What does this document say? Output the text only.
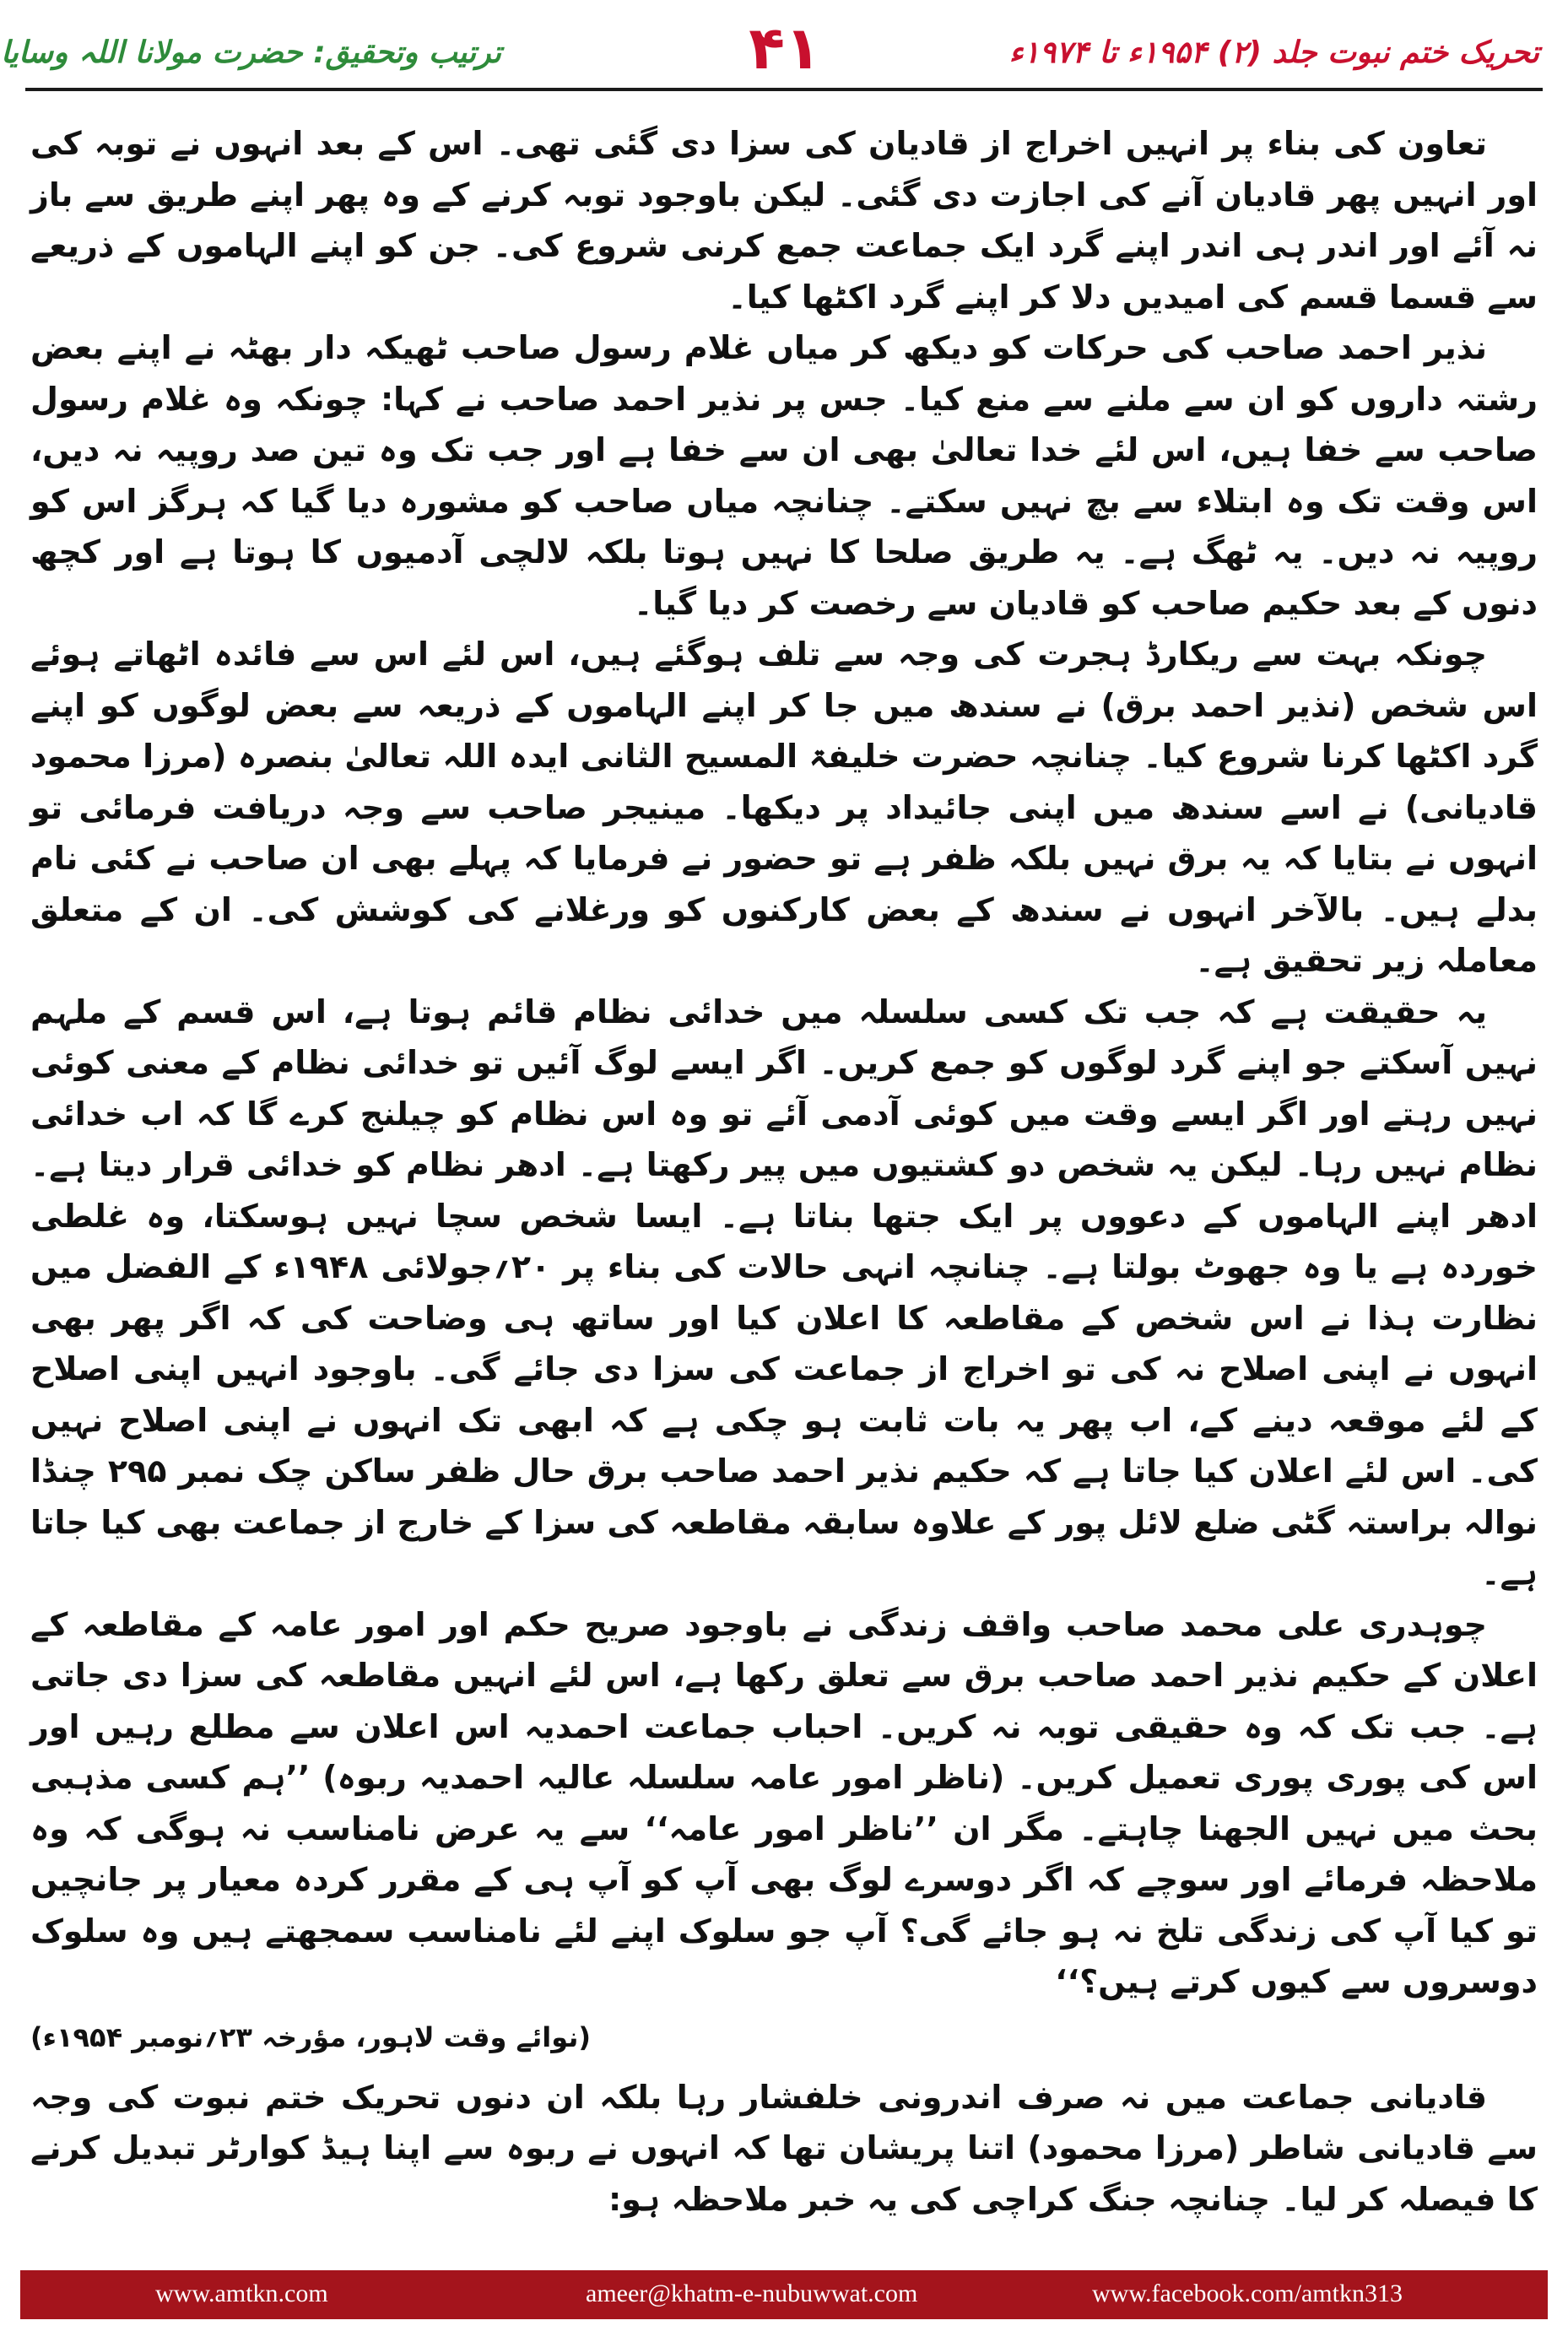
ترتیب وتحقیق: حضرت مولانا اللہ وسایا	۴۱	تحریک ختم نبوت جلد (۲) ۱۹۵۴ء تا ۱۹۷۴ء

تعاون کی بناء پر انہیں اخراج از قادیان کی سزا دی گئی تھی۔ اس کے بعد انہوں نے توبہ کی اور انہیں پھر قادیان آنے کی اجازت دی گئی۔ لیکن باوجود توبہ کرنے کے وہ پھر اپنے طریق سے باز نہ آئے اور اندر ہی اندر اپنے گرد ایک جماعت جمع کرنی شروع کی۔ جن کو اپنے الہاموں کے ذریعے سے قسما قسم کی امیدیں دلا کر اپنے گرد اکٹھا کیا۔

نذیر احمد صاحب کی حرکات کو دیکھ کر میاں غلام رسول صاحب ٹھیکہ دار بھٹہ نے اپنے بعض رشتہ داروں کو ان سے ملنے سے منع کیا۔ جس پر نذیر احمد صاحب نے کہا: چونکہ وہ غلام رسول صاحب سے خفا ہیں، اس لئے خدا تعالیٰ بھی ان سے خفا ہے اور جب تک وہ تین صد روپیہ نہ دیں، اس وقت تک وہ ابتلاء سے بچ نہیں سکتے۔ چنانچہ میاں صاحب کو مشورہ دیا گیا کہ ہرگز اس کو روپیہ نہ دیں۔ یہ ٹھگ ہے۔ یہ طریق صلحا کا نہیں ہوتا بلکہ لالچی آدمیوں کا ہوتا ہے اور کچھ دنوں کے بعد حکیم صاحب کو قادیان سے رخصت کر دیا گیا۔

چونکہ بہت سے ریکارڈ ہجرت کی وجہ سے تلف ہوگئے ہیں، اس لئے اس سے فائدہ اٹھاتے ہوئے اس شخص (نذیر احمد برق) نے سندھ میں جا کر اپنے الہاموں کے ذریعہ سے بعض لوگوں کو اپنے گرد اکٹھا کرنا شروع کیا۔ چنانچہ حضرت خلیفۃ المسیح الثانی ایدہ اللہ تعالیٰ بنصرہ (مرزا محمود قادیانی) نے اسے سندھ میں اپنی جائیداد پر دیکھا۔ مینیجر صاحب سے وجہ دریافت فرمائی تو انہوں نے بتایا کہ یہ برق نہیں بلکہ ظفر ہے تو حضور نے فرمایا کہ پہلے بھی ان صاحب نے کئی نام بدلے ہیں۔ بالآخر انہوں نے سندھ کے بعض کارکنوں کو ورغلانے کی کوشش کی۔ ان کے متعلق معاملہ زیر تحقیق ہے۔

یہ حقیقت ہے کہ جب تک کسی سلسلہ میں خدائی نظام قائم ہوتا ہے، اس قسم کے ملہم نہیں آسکتے جو اپنے گرد لوگوں کو جمع کریں۔ اگر ایسے لوگ آئیں تو خدائی نظام کے معنی کوئی نہیں رہتے اور اگر ایسے وقت میں کوئی آدمی آئے تو وہ اس نظام کو چیلنج کرے گا کہ اب خدائی نظام نہیں رہا۔ لیکن یہ شخص دو کشتیوں میں پیر رکھتا ہے۔ ادھر نظام کو خدائی قرار دیتا ہے۔ ادھر اپنے الہاموں کے دعووں پر ایک جتھا بناتا ہے۔ ایسا شخص سچا نہیں ہوسکتا، وہ غلطی خوردہ ہے یا وہ جھوٹ بولتا ہے۔ چنانچہ انہی حالات کی بناء پر ۲۰؍جولائی ۱۹۴۸ء کے الفضل میں نظارت ہذا نے اس شخص کے مقاطعہ کا اعلان کیا اور ساتھ ہی وضاحت کی کہ اگر پھر بھی انہوں نے اپنی اصلاح نہ کی تو اخراج از جماعت کی سزا دی جائے گی۔ باوجود انہیں اپنی اصلاح کے لئے موقعہ دینے کے، اب پھر یہ بات ثابت ہو چکی ہے کہ ابھی تک انہوں نے اپنی اصلاح نہیں کی۔ اس لئے اعلان کیا جاتا ہے کہ حکیم نذیر احمد صاحب برق حال ظفر ساکن چک نمبر ۲۹۵ چنڈا نوالہ براستہ گٹی ضلع لائل پور کے علاوہ سابقہ مقاطعہ کی سزا کے خارج از جماعت بھی کیا جاتا ہے۔

چوہدری علی محمد صاحب واقف زندگی نے باوجود صریح حکم اور امور عامہ کے مقاطعہ کے اعلان کے حکیم نذیر احمد صاحب برق سے تعلق رکھا ہے، اس لئے انہیں مقاطعہ کی سزا دی جاتی ہے۔ جب تک کہ وہ حقیقی توبہ نہ کریں۔ احباب جماعت احمدیہ اس اعلان سے مطلع رہیں اور اس کی پوری پوری تعمیل کریں۔ (ناظر امور عامہ سلسلہ عالیہ احمدیہ ربوہ) ’’ہم کسی مذہبی بحث میں نہیں الجھنا چاہتے۔ مگر ان ’’ناظر امور عامہ‘‘ سے یہ عرض نامناسب نہ ہوگی کہ وہ ملاحظہ فرمائے اور سوچے کہ اگر دوسرے لوگ بھی آپ کو آپ ہی کے مقرر کردہ معیار پر جانچیں تو کیا آپ کی زندگی تلخ نہ ہو جائے گی؟ آپ جو سلوک اپنے لئے نامناسب سمجھتے ہیں وہ سلوک دوسروں سے کیوں کرتے ہیں؟‘‘

(نوائے وقت لاہور، مؤرخہ ۲۳؍نومبر ۱۹۵۴ء)

قادیانی جماعت میں نہ صرف اندرونی خلفشار رہا بلکہ ان دنوں تحریک ختم نبوت کی وجہ سے قادیانی شاطر (مرزا محمود) اتنا پریشان تھا کہ انہوں نے ربوہ سے اپنا ہیڈ کوارٹر تبدیل کرنے کا فیصلہ کر لیا۔ چنانچہ جنگ کراچی کی یہ خبر ملاحظہ ہو:

www.amtkn.com	ameer@khatm-e-nubuwwat.com	www.facebook.com/amtkn313
